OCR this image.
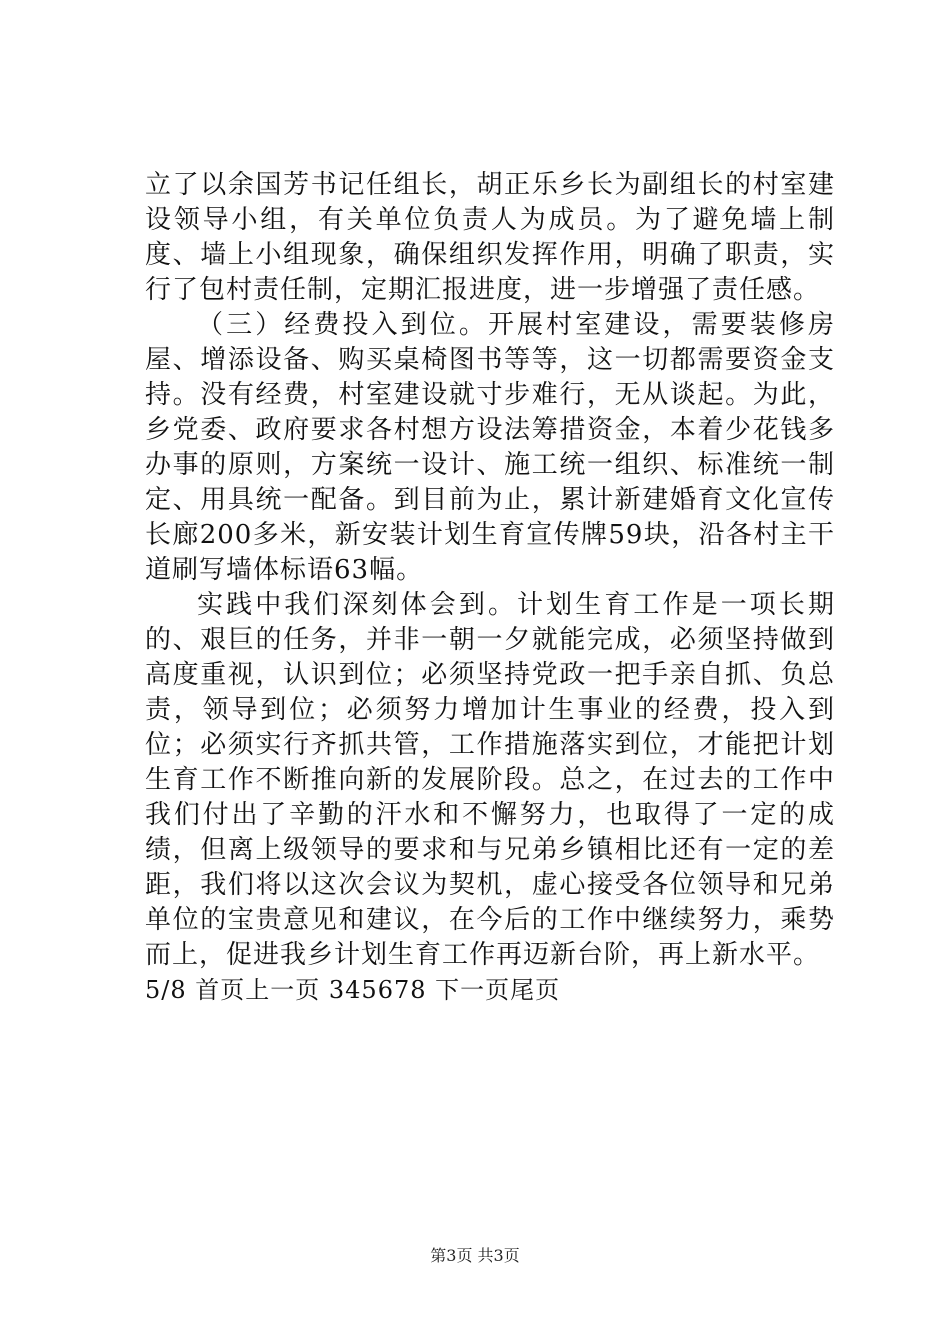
立了以余国芳书记任组长，胡正乐乡长为副组长的村室建设领导小组，有关单位负责人为成员。为了避免墙上制度、墙上小组现象，确保组织发挥作用，明确了职责，实行了包村责任制，定期汇报进度，进一步增强了责任感。

（三）经费投入到位。开展村室建设，需要装修房屋、增添设备、购买桌椅图书等等，这一切都需要资金支持。没有经费，村室建设就寸步难行，无从谈起。为此，乡党委、政府要求各村想方设法筹措资金，本着少花钱多办事的原则，方案统一设计、施工统一组织、标准统一制定、用具统一配备。到目前为止，累计新建婚育文化宣传长廊200多米，新安装计划生育宣传牌59块，沿各村主干道刷写墙体标语63幅。

实践中我们深刻体会到。计划生育工作是一项长期的、艰巨的任务，并非一朝一夕就能完成，必须坚持做到高度重视，认识到位；必须坚持党政一把手亲自抓、负总责，领导到位；必须努力增加计生事业的经费，投入到位；必须实行齐抓共管，工作措施落实到位，才能把计划生育工作不断推向新的发展阶段。总之，在过去的工作中我们付出了辛勤的汗水和不懈努力，也取得了一定的成绩，但离上级领导的要求和与兄弟乡镇相比还有一定的差距，我们将以这次会议为契机，虚心接受各位领导和兄弟单位的宝贵意见和建议，在今后的工作中继续努力，乘势而上，促进我乡计划生育工作再迈新台阶，再上新水平。

5/8 首页上一页 345678 下一页尾页

第3页 共3页
